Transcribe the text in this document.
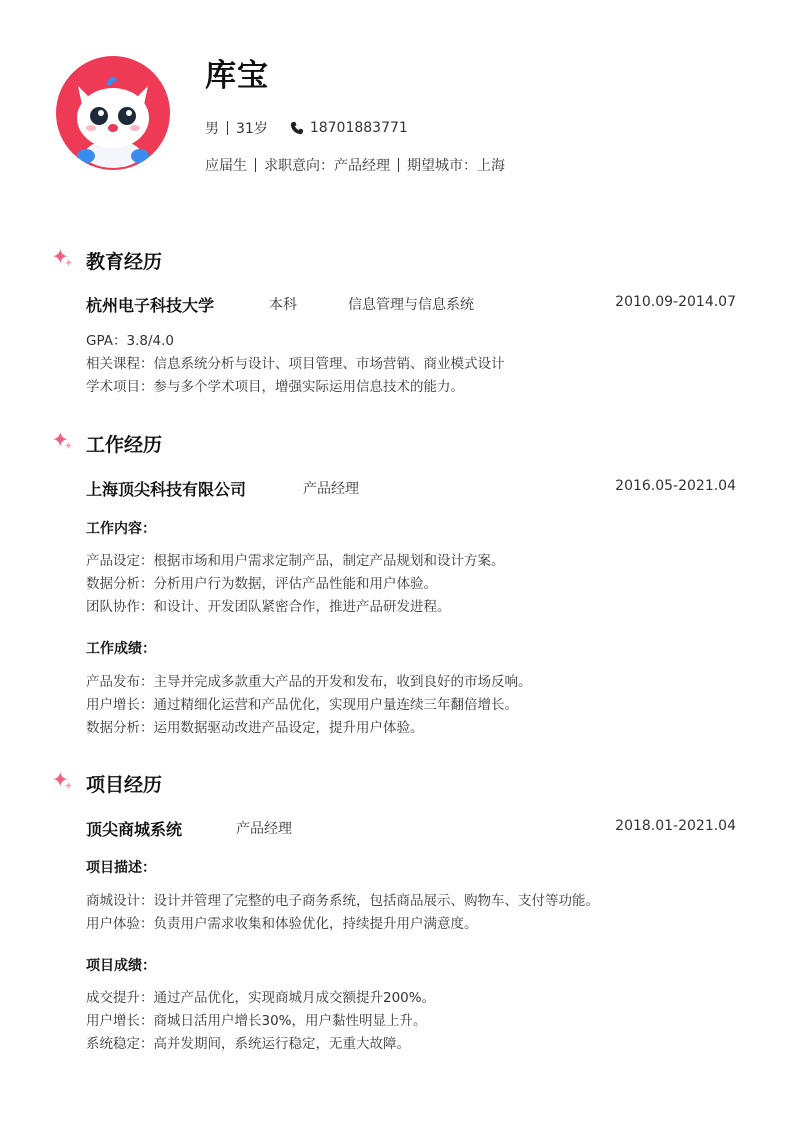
库宝
男 31岁	18701883771
应届生 求职意向：产品经理 期望城市：上海
教育经历
杭州电子科技大学	本科	信息管理与信息系统	2010.09-2014.07
GPA：3.8/4.0
相关课程：信息系统分析与设计、项目管理、市场营销、商业模式设计
学术项目：参与多个学术项目，增强实际运用信息技术的能力。
工作经历
上海顶尖科技有限公司	产品经理	2016.05-2021.04
工作内容：
产品设定：根据市场和用户需求定制产品，制定产品规划和设计方案。
数据分析：分析用户行为数据，评估产品性能和用户体验。
团队协作：和设计、开发团队紧密合作，推进产品研发进程。
工作成绩：
产品发布：主导并完成多款重大产品的开发和发布，收到良好的市场反响。
用户增长：通过精细化运营和产品优化，实现用户量连续三年翻倍增长。
数据分析：运用数据驱动改进产品设定，提升用户体验。
项目经历
顶尖商城系统	产品经理	2018.01-2021.04
项目描述：
商城设计：设计并管理了完整的电子商务系统，包括商品展示、购物车、支付等功能。
用户体验：负责用户需求收集和体验优化，持续提升用户满意度。
项目成绩：
成交提升：通过产品优化，实现商城月成交额提升200%。
用户增长：商城日活用户增长30%，用户黏性明显上升。
系统稳定：高并发期间，系统运行稳定，无重大故障。
